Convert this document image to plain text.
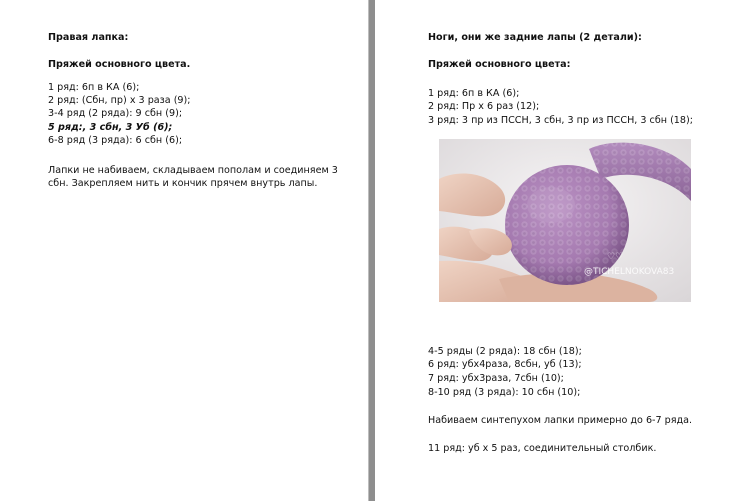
Правая лапка:
Пряжей основного цвета.
1 ряд: 6п в КА (6);
2 ряд: (Сбн, пр) х 3 раза (9);
3-4 ряд (2 ряда): 9 сбн (9);
5 ряд:, 3 сбн, 3 Уб (6);
6-8 ряд (3 ряда): 6 сбн (6);
Лапки не набиваем, складываем пополам и соединяем 3
сбн. Закрепляем нить и кончик прячем внутрь лапы.
Ноги, они же задние лапы (2 детали):
Пряжей основного цвета:
1 ряд: 6п в КА (6);
2 ряд: Пр х 6 раз (12);
3 ряд: 3 пр из ПССН, 3 сбн, 3 пр из ПССН, 3 сбн (18);
@TICHELNOKOVA83
♡♡
4-5 ряды (2 ряда): 18 сбн (18);
6 ряд: убх4раза, 8сбн, уб (13);
7 ряд: убх3раза, 7сбн (10);
8-10 ряд (3 ряда): 10 сбн (10);
Набиваем синтепухом лапки примерно до 6-7 ряда.
11 ряд: уб х 5 раз, соединительный столбик.
